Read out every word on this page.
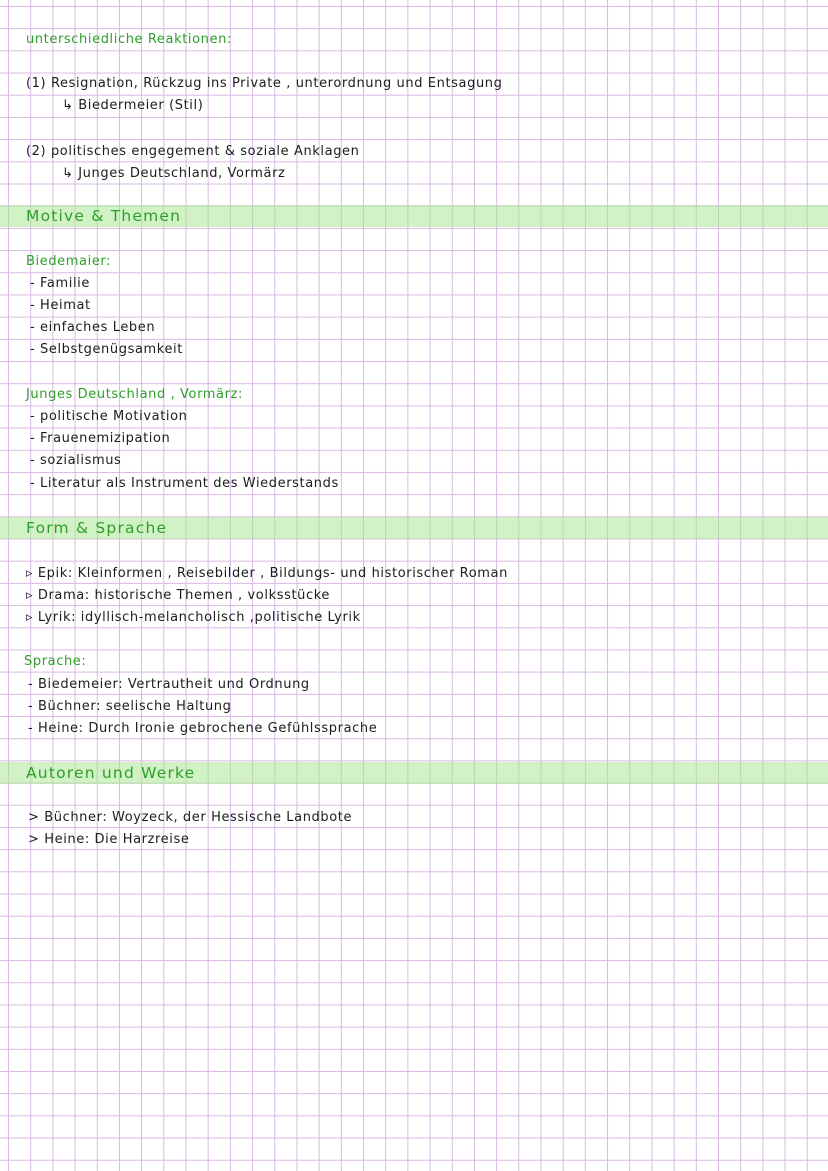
unterschiedliche Reaktionen:
(1) Resignation, Rückzug ins Private , unterordnung und Entsagung
↳ Biedermeier (Stil)
(2) politisches engegement & soziale Anklagen
↳ Junges Deutschland, Vormärz
Motive & Themen
Biedemaier:
- Familie
- Heimat
- einfaches Leben
- Selbstgenügsamkeit
Junges Deutschland , Vormärz:
- politische Motivation
- Frauenemizipation
- sozialismus
- Literatur als Instrument des Wiederstands
Form & Sprache
▹ Epik: Kleinformen , Reisebilder , Bildungs- und historischer Roman
▹ Drama: historische Themen , volksstücke
▹ Lyrik: idyllisch-melancholisch ,politische Lyrik
Sprache:
- Biedemeier: Vertrautheit und Ordnung
- Büchner: seelische Haltung
- Heine: Durch Ironie gebrochene Gefühlssprache
Autoren und Werke
> Büchner: Woyzeck, der Hessische Landbote
> Heine: Die Harzreise
